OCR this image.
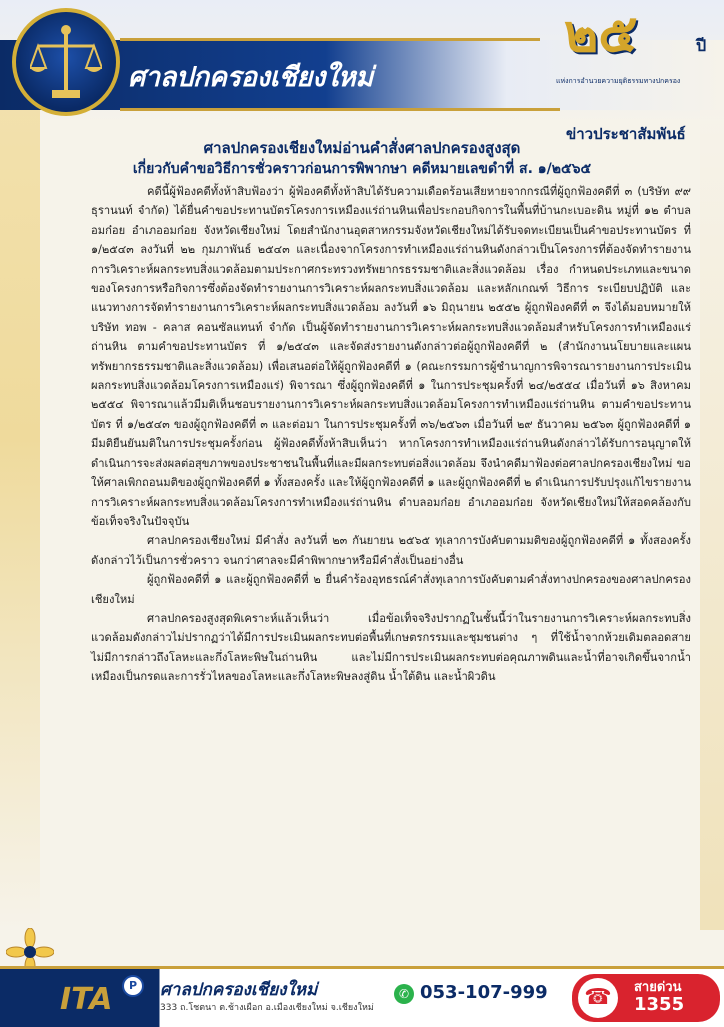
ศาลปกครองเชียงใหม่
๒๕	ปี
แห่งการอำนวยความยุติธรรมทางปกครอง
ข่าวประชาสัมพันธ์
ศาลปกครองเชียงใหม่อ่านคำสั่งศาลปกครองสูงสุด
เกี่ยวกับคำขอวิธีการชั่วคราวก่อนการพิพากษา คดีหมายเลขดำที่ ส. ๑/๒๕๖๕

คดีนี้ผู้ฟ้องคดีทั้งห้าสิบฟ้องว่า ผู้ฟ้องคดีทั้งห้าสิบได้รับความเดือดร้อนเสียหายจากกรณีที่ผู้ถูกฟ้องคดีที่ ๓ (บริษัท ๙๙ ธุรานนท์ จำกัด) ได้ยื่นคำขอประทานบัตรโครงการเหมืองแร่ถ่านหินเพื่อประกอบกิจการในพื้นที่บ้านกะเบอะดิน หมู่ที่ ๑๒ ตำบลอมก๋อย อำเภออมก๋อย จังหวัดเชียงใหม่ โดยสำนักงานอุตสาหกรรมจังหวัดเชียงใหม่ได้รับจดทะเบียนเป็นคำขอประทานบัตร ที่ ๑/๒๕๔๓ ลงวันที่ ๒๒ กุมภาพันธ์ ๒๕๔๓ และเนื่องจากโครงการทำเหมืองแร่ถ่านหินดังกล่าวเป็นโครงการที่ต้องจัดทำรายงานการวิเคราะห์ผลกระทบสิ่งแวดล้อมตามประกาศกระทรวงทรัพยากรธรรมชาติและสิ่งแวดล้อม เรื่อง กำหนดประเภทและขนาดของโครงการหรือกิจการซึ่งต้องจัดทำรายงานการวิเคราะห์ผลกระทบสิ่งแวดล้อม และหลักเกณฑ์ วิธีการ ระเบียบปฏิบัติ และแนวทางการจัดทำรายงานการวิเคราะห์ผลกระทบสิ่งแวดล้อม ลงวันที่ ๑๖ มิถุนายน ๒๕๕๒ ผู้ถูกฟ้องคดีที่ ๓ จึงได้มอบหมายให้บริษัท ทอพ - คลาส คอนซัลแทนท์ จำกัด เป็นผู้จัดทำรายงานการวิเคราะห์ผลกระทบสิ่งแวดล้อมสำหรับโครงการทำเหมืองแร่ถ่านหิน ตามคำขอประทานบัตร ที่ ๑/๒๕๔๓ และจัดส่งรายงานดังกล่าวต่อผู้ถูกฟ้องคดีที่ ๒ (สำนักงานนโยบายและแผนทรัพยากรธรรมชาติและสิ่งแวดล้อม) เพื่อเสนอต่อให้ผู้ถูกฟ้องคดีที่ ๑ (คณะกรรมการผู้ชำนาญการพิจารณารายงานการประเมินผลกระทบสิ่งแวดล้อมโครงการเหมืองแร่) พิจารณา ซึ่งผู้ถูกฟ้องคดีที่ ๑ ในการประชุมครั้งที่ ๒๔/๒๕๕๔ เมื่อวันที่ ๑๖ สิงหาคม ๒๕๕๔ พิจารณาแล้วมีมติเห็นชอบรายงานการวิเคราะห์ผลกระทบสิ่งแวดล้อมโครงการทำเหมืองแร่ถ่านหิน ตามคำขอประทานบัตร ที่ ๑/๒๕๔๓ ของผู้ถูกฟ้องคดีที่ ๓ และต่อมา ในการประชุมครั้งที่ ๓๖/๒๕๖๓ เมื่อวันที่ ๒๙ ธันวาคม ๒๕๖๓ ผู้ถูกฟ้องคดีที่ ๑ มีมติยืนยันมติในการประชุมครั้งก่อน ผู้ฟ้องคดีทั้งห้าสิบเห็นว่า หากโครงการทำเหมืองแร่ถ่านหินดังกล่าวได้รับการอนุญาตให้ดำเนินการจะส่งผลต่อสุขภาพของประชาชนในพื้นที่และมีผลกระทบต่อสิ่งแวดล้อม จึงนำคดีมาฟ้องต่อศาลปกครองเชียงใหม่ ขอให้ศาลเพิกถอนมติของผู้ถูกฟ้องคดีที่ ๑ ทั้งสองครั้ง และให้ผู้ถูกฟ้องคดีที่ ๑ และผู้ถูกฟ้องคดีที่ ๒ ดำเนินการปรับปรุงแก้ไขรายงานการวิเคราะห์ผลกระทบสิ่งแวดล้อมโครงการทำเหมืองแร่ถ่านหิน ตำบลอมก๋อย อำเภออมก๋อย จังหวัดเชียงใหม่ให้สอดคล้องกับข้อเท็จจริงในปัจจุบัน

ศาลปกครองเชียงใหม่ มีคำสั่ง ลงวันที่ ๒๓ กันยายน ๒๕๖๕ ทุเลาการบังคับตามมติของผู้ถูกฟ้องคดีที่ ๑ ทั้งสองครั้งดังกล่าวไว้เป็นการชั่วคราว จนกว่าศาลจะมีคำพิพากษาหรือมีคำสั่งเป็นอย่างอื่น

ผู้ถูกฟ้องคดีที่ ๑ และผู้ถูกฟ้องคดีที่ ๒ ยื่นคำร้องอุทธรณ์คำสั่งทุเลาการบังคับตามคำสั่งทางปกครองของศาลปกครองเชียงใหม่

ศาลปกครองสูงสุดพิเคราะห์แล้วเห็นว่า เมื่อข้อเท็จจริงปรากฏในชั้นนี้ว่าในรายงานการวิเคราะห์ผลกระทบสิ่งแวดล้อมดังกล่าวไม่ปรากฏว่าได้มีการประเมินผลกระทบต่อพื้นที่เกษตรกรรมและชุมชนต่าง ๆ ที่ใช้น้ำจากห้วยเดิมตลอดสายไม่มีการกล่าวถึงโลหะและกึ่งโลหะพิษในถ่านหิน และไม่มีการประเมินผลกระทบต่อคุณภาพดินและน้ำที่อาจเกิดขึ้นจากน้ำเหมืองเป็นกรดและการรั่วไหลของโลหะและกึ่งโลหะพิษลงสู่ดิน น้ำใต้ดิน และน้ำผิวดิน

ITA	P	ศาลปกครองเชียงใหม่
333 ถ.โชตนา ต.ช้างเผือก อ.เมืองเชียงใหม่ จ.เชียงใหม่
✆ 053-107-999 ☎	สายด่วน
1355
